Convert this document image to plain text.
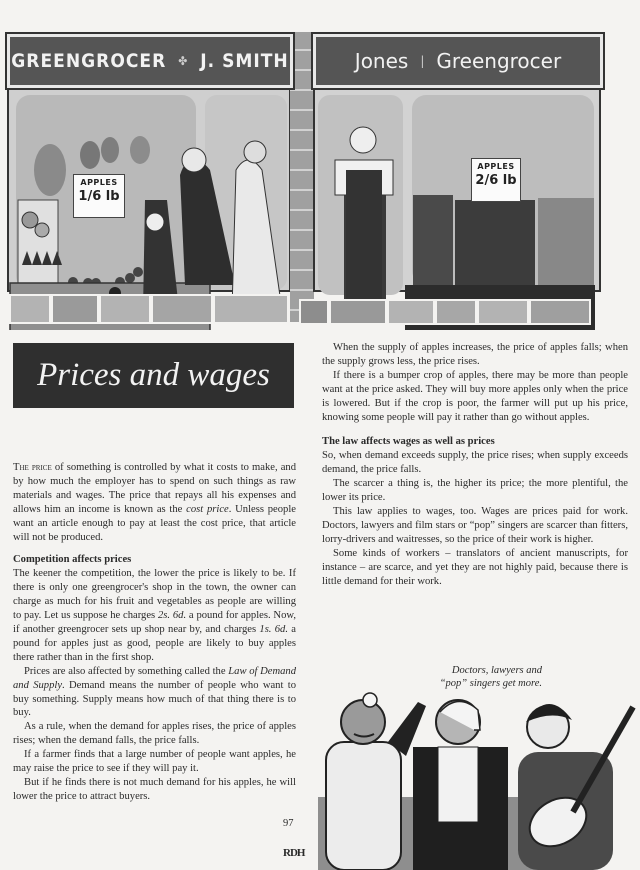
GREENGROCER ✤ J. SMITH	Jones | Greengrocer
APPLES
1/6 lb
APPLES
2/6 lb
Prices and wages

The price of something is controlled by what it costs to make, and by how much the employer has to spend on such things as raw materials and wages. The price that repays all his expenses and allows him an income is known as the cost price. Unless people want an article enough to pay at least the cost price, that article will not be produced.

Competition affects prices

The keener the competition, the lower the price is likely to be. If there is only one greengrocer's shop in the town, the owner can charge as much for his fruit and vegetables as people are willing to pay. Let us suppose he charges 2s. 6d. a pound for apples. Now, if another greengrocer sets up shop near by, and charges 1s. 6d. a pound for apples just as good, people are likely to buy apples there rather than in the first shop.

Prices are also affected by something called the Law of Demand and Supply. Demand means the number of people who want to buy something. Supply means how much of that thing there is to buy.

As a rule, when the demand for apples rises, the price of apples rises; when the demand falls, the price falls.

If a farmer finds that a large number of people want apples, he may raise the price to see if they will pay it.

But if he finds there is not much demand for his apples, he will lower the price to attract buyers.

When the supply of apples increases, the price of apples falls; when the supply grows less, the price rises.

If there is a bumper crop of apples, there may be more than people want at the price asked. They will buy more apples only when the price is lowered. But if the crop is poor, the farmer will put up his price, knowing some people will pay it rather than go without apples.

The law affects wages as well as prices

So, when demand exceeds supply, the price rises; when supply exceeds demand, the price falls.

The scarcer a thing is, the higher its price; the more plentiful, the lower its price.

This law applies to wages, too. Wages are prices paid for work. Doctors, lawyers and film stars or “pop” singers are scarcer than fitters, lorry-drivers and waitresses, so the price of their work is higher.

Some kinds of workers – translators of ancient manuscripts, for instance – are scarce, and yet they are not highly paid, because there is little demand for their work.

Doctors, lawyers and “pop” singers get more.
97
RDH
